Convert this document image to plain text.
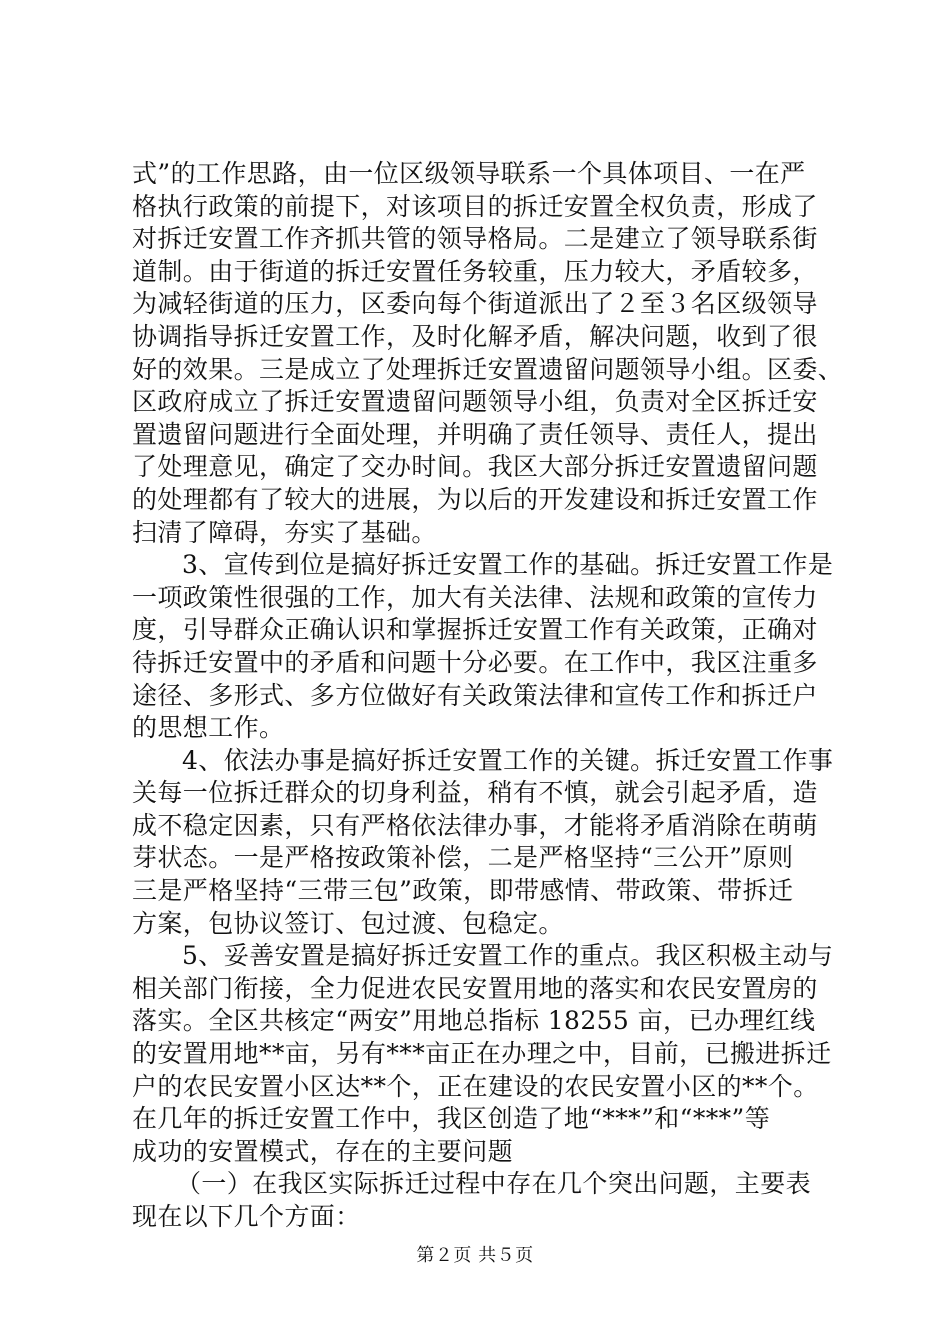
式”的工作思路，由一位区级领导联系一个具体项目、一在严
格执行政策的前提下，对该项目的拆迁安置全权负责，形成了
对拆迁安置工作齐抓共管的领导格局。二是建立了领导联系街
道制。由于街道的拆迁安置任务较重，压力较大，矛盾较多，
为减轻街道的压力，区委向每个街道派出了２至３名区级领导
协调指导拆迁安置工作，及时化解矛盾，解决问题，收到了很
好的效果。三是成立了处理拆迁安置遗留问题领导小组。区委、
区政府成立了拆迁安置遗留问题领导小组，负责对全区拆迁安
置遗留问题进行全面处理，并明确了责任领导、责任人，提出
了处理意见，确定了交办时间。我区大部分拆迁安置遗留问题
的处理都有了较大的进展，为以后的开发建设和拆迁安置工作
扫清了障碍，夯实了基础。
3、宣传到位是搞好拆迁安置工作的基础。拆迁安置工作是
一项政策性很强的工作，加大有关法律、法规和政策的宣传力
度，引导群众正确认识和掌握拆迁安置工作有关政策，正确对
待拆迁安置中的矛盾和问题十分必要。在工作中，我区注重多
途径、多形式、多方位做好有关政策法律和宣传工作和拆迁户
的思想工作。
4、依法办事是搞好拆迁安置工作的关键。拆迁安置工作事
关每一位拆迁群众的切身利益，稍有不慎，就会引起矛盾，造
成不稳定因素，只有严格依法律办事，才能将矛盾消除在萌萌
芽状态。一是严格按政策补偿，二是严格坚持“三公开”原则
三是严格坚持“三带三包”政策，即带感情、带政策、带拆迁
方案，包协议签订、包过渡、包稳定。
5、妥善安置是搞好拆迁安置工作的重点。我区积极主动与
相关部门衔接，全力促进农民安置用地的落实和农民安置房的
落实。全区共核定“两安”用地总指标 18255 亩，已办理红线
的安置用地**亩，另有***亩正在办理之中，目前，已搬进拆迁
户的农民安置小区达**个，正在建设的农民安置小区的**个。
在几年的拆迁安置工作中，我区创造了地“***”和“***”等
成功的安置模式，存在的主要问题
（一）在我区实际拆迁过程中存在几个突出问题，主要表
现在以下几个方面：
第２页 共５页
